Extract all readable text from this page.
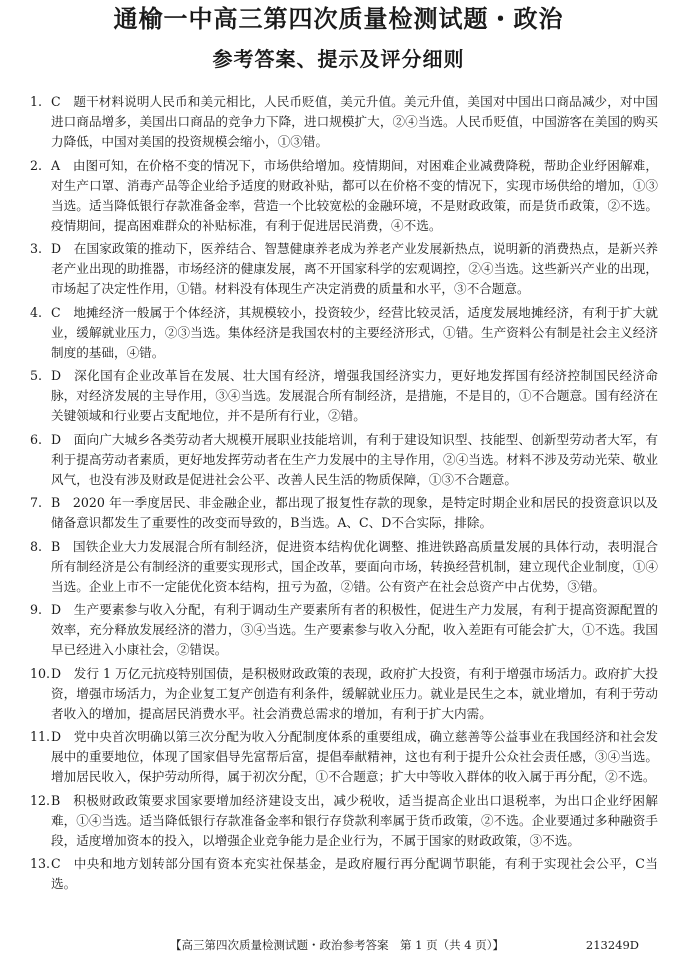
通榆一中高三第四次质量检测试题・政治
参考答案、提示及评分细则
1. C  题干材料说明人民币和美元相比，人民币贬值，美元升值。美元升值，美国对中国出口商品减少，对中国进口商品增多，美国出口商品的竞争力下降，进口规模扩大，②④当选。人民币贬值，中国游客在美国的购买力降低，中国对美国的投资规模会缩小，①③错。
2. A  由图可知，在价格不变的情况下，市场供给增加。疫情期间，对困难企业减费降税，帮助企业纾困解难，对生产口罩、消毒产品等企业给予适度的财政补贴，都可以在价格不变的情况下，实现市场供给的增加，①③当选。适当降低银行存款准备金率，营造一个比较宽松的金融环境，不是财政政策，而是货币政策，②不选。疫情期间，提高困难群众的补贴标准，有利于促进居民消费，④不选。
3. D  在国家政策的推动下，医养结合、智慧健康养老成为养老产业发展新热点，说明新的消费热点，是新兴养老产业出现的助推器，市场经济的健康发展，离不开国家科学的宏观调控，②④当选。这些新兴产业的出现，市场起了决定性作用，①错。材料没有体现生产决定消费的质量和水平，③不合题意。
4. C  地摊经济一般属于个体经济，其规模较小，投资较少，经营比较灵活，适度发展地摊经济，有利于扩大就业，缓解就业压力，②③当选。集体经济是我国农村的主要经济形式，①错。生产资料公有制是社会主义经济制度的基础，④错。
5. D  深化国有企业改革旨在发展、壮大国有经济，增强我国经济实力，更好地发挥国有经济控制国民经济命脉，对经济发展的主导作用，③④当选。发展混合所有制经济，是措施，不是目的，①不合题意。国有经济在关键领域和行业要占支配地位，并不是所有行业，②错。
6. D  面向广大城乡各类劳动者大规模开展职业技能培训，有利于建设知识型、技能型、创新型劳动者大军，有利于提高劳动者素质，更好地发挥劳动者在生产力发展中的主导作用，②④当选。材料不涉及劳动光荣、敬业风气，也没有涉及财政是促进社会公平、改善人民生活的物质保障，①③不合题意。
7. B  2020 年一季度居民、非金融企业，都出现了报复性存款的现象，是特定时期企业和居民的投资意识以及储备意识都发生了重要性的改变而导致的，B当选。A、C、D不合实际，排除。
8. B  国铁企业大力发展混合所有制经济，促进资本结构优化调整、推进铁路高质量发展的具体行动，表明混合所有制经济是公有制经济的重要实现形式，国企改革，要面向市场，转换经营机制，建立现代企业制度，①④当选。企业上市不一定能优化资本结构，扭亏为盈，②错。公有资产在社会总资产中占优势，③错。
9. D  生产要素参与收入分配，有利于调动生产要素所有者的积极性，促进生产力发展，有利于提高资源配置的效率，充分释放发展经济的潜力，③④当选。生产要素参与收入分配，收入差距有可能会扩大，①不选。我国早已经进入小康社会，②错误。
10.D  发行 1 万亿元抗疫特别国债，是积极财政政策的表现，政府扩大投资，有利于增强市场活力。政府扩大投资，增强市场活力，为企业复工复产创造有利条件，缓解就业压力。就业是民生之本，就业增加，有利于劳动者收入的增加，提高居民消费水平。社会消费总需求的增加，有利于扩大内需。
11.D  党中央首次明确以第三次分配为收入分配制度体系的重要组成，确立慈善等公益事业在我国经济和社会发展中的重要地位，体现了国家倡导先富帮后富，提倡奉献精神，这也有利于提升公众社会责任感，③④当选。增加居民收入，保护劳动所得，属于初次分配，①不合题意；扩大中等收入群体的收入属于再分配，②不选。
12.B  积极财政政策要求国家要增加经济建设支出，减少税收，适当提高企业出口退税率，为出口企业纾困解难，①④当选。适当降低银行存款准备金率和银行存贷款利率属于货币政策，②不选。企业要通过多种融资手段，适度增加资本的投入，以增强企业竞争能力是企业行为，不属于国家的财政政策，③不选。
13.C  中央和地方划转部分国有资本充实社保基金，是政府履行再分配调节职能，有利于实现社会公平，C当选。
【高三第四次质量检测试题・政治参考答案　第 1 页（共 4 页）】	213249D
